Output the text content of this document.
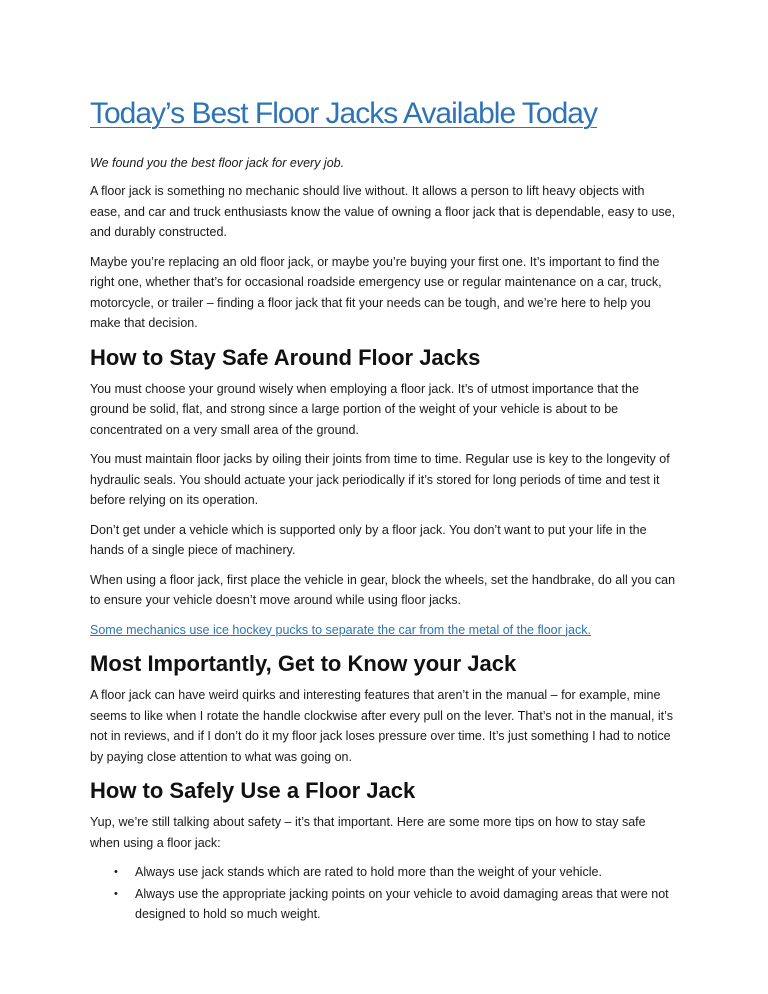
Today’s Best Floor Jacks Available Today

We found you the best floor jack for every job.

A floor jack is something no mechanic should live without. It allows a person to lift heavy objects with ease, and car and truck enthusiasts know the value of owning a floor jack that is dependable, easy to use, and durably constructed.

Maybe you’re replacing an old floor jack, or maybe you’re buying your first one. It’s important to find the right one, whether that’s for occasional roadside emergency use or regular maintenance on a car, truck, motorcycle, or trailer – finding a floor jack that fit your needs can be tough, and we’re here to help you make that decision.

How to Stay Safe Around Floor Jacks

You must choose your ground wisely when employing a floor jack. It’s of utmost importance that the ground be solid, flat, and strong since a large portion of the weight of your vehicle is about to be concentrated on a very small area of the ground.

You must maintain floor jacks by oiling their joints from time to time. Regular use is key to the longevity of hydraulic seals. You should actuate your jack periodically if it’s stored for long periods of time and test it before relying on its operation.

Don’t get under a vehicle which is supported only by a floor jack. You don’t want to put your life in the hands of a single piece of machinery.

When using a floor jack, first place the vehicle in gear, block the wheels, set the handbrake, do all you can to ensure your vehicle doesn’t move around while using floor jacks.

Some mechanics use ice hockey pucks to separate the car from the metal of the floor jack.

Most Importantly, Get to Know your Jack

A floor jack can have weird quirks and interesting features that aren’t in the manual – for example, mine seems to like when I rotate the handle clockwise after every pull on the lever. That’s not in the manual, it’s not in reviews, and if I don’t do it my floor jack loses pressure over time. It’s just something I had to notice by paying close attention to what was going on.

How to Safely Use a Floor Jack

Yup, we’re still talking about safety – it’s that important. Here are some more tips on how to stay safe when using a floor jack:

• Always use jack stands which are rated to hold more than the weight of your vehicle.
• Always use the appropriate jacking points on your vehicle to avoid damaging areas that were not designed to hold so much weight.
